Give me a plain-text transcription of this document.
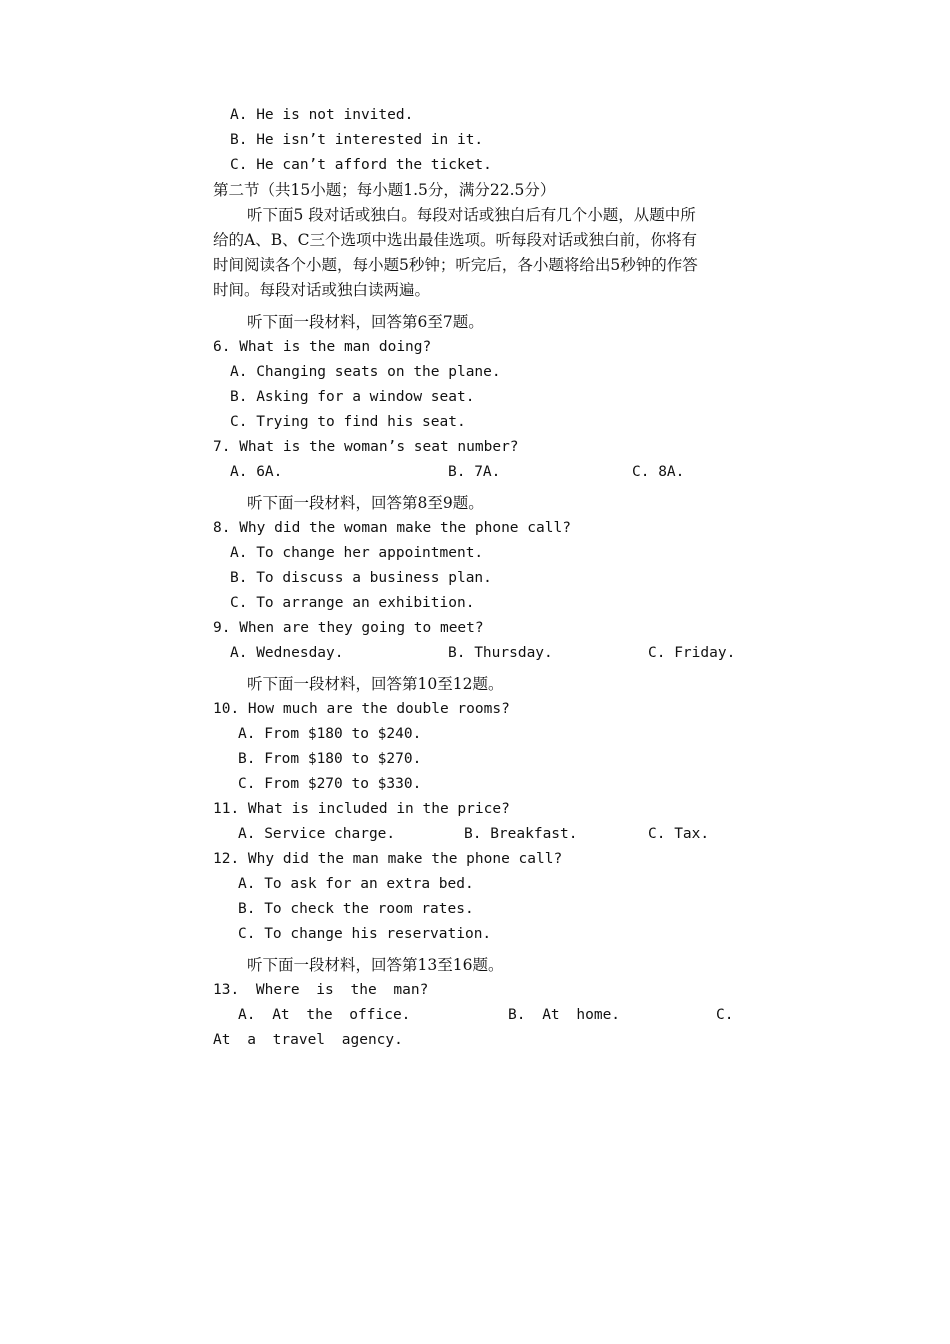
A. He is not invited.
B. He isn’t interested in it.
C. He can’t afford the ticket.
第二节（共15小题；每小题1.5分，满分22.5分）
听下面5 段对话或独白。每段对话或独白后有几个小题，从题中所
给的A、B、C三个选项中选出最佳选项。听每段对话或独白前，你将有
时间阅读各个小题，每小题5秒钟；听完后，各小题将给出5秒钟的作答
时间。每段对话或独白读两遍。
听下面一段材料，回答第6至7题。
6. What is the man doing?
A. Changing seats on the plane.
B. Asking for a window seat.
C. Trying to find his seat.
7. What is the woman’s seat number?
A. 6A.	B. 7A.	C. 8A.
听下面一段材料，回答第8至9题。
8. Why did the woman make the phone call?
A. To change her appointment.
B. To discuss a business plan.
C. To arrange an exhibition.
9. When are they going to meet?
A. Wednesday.	B. Thursday.	C. Friday.
听下面一段材料，回答第10至12题。
10. How much are the double rooms?
A. From $180 to $240.
B. From $180 to $270.
C. From $270 to $330.
11. What is included in the price?
A. Service charge.	B. Breakfast.	C. Tax.
12. Why did the man make the phone call?
A. To ask for an extra bed.
B. To check the room rates.
C. To change his reservation.
听下面一段材料，回答第13至16题。
13. Where is the man?
A. At the office.	B. At home.	C.
At a travel agency.
